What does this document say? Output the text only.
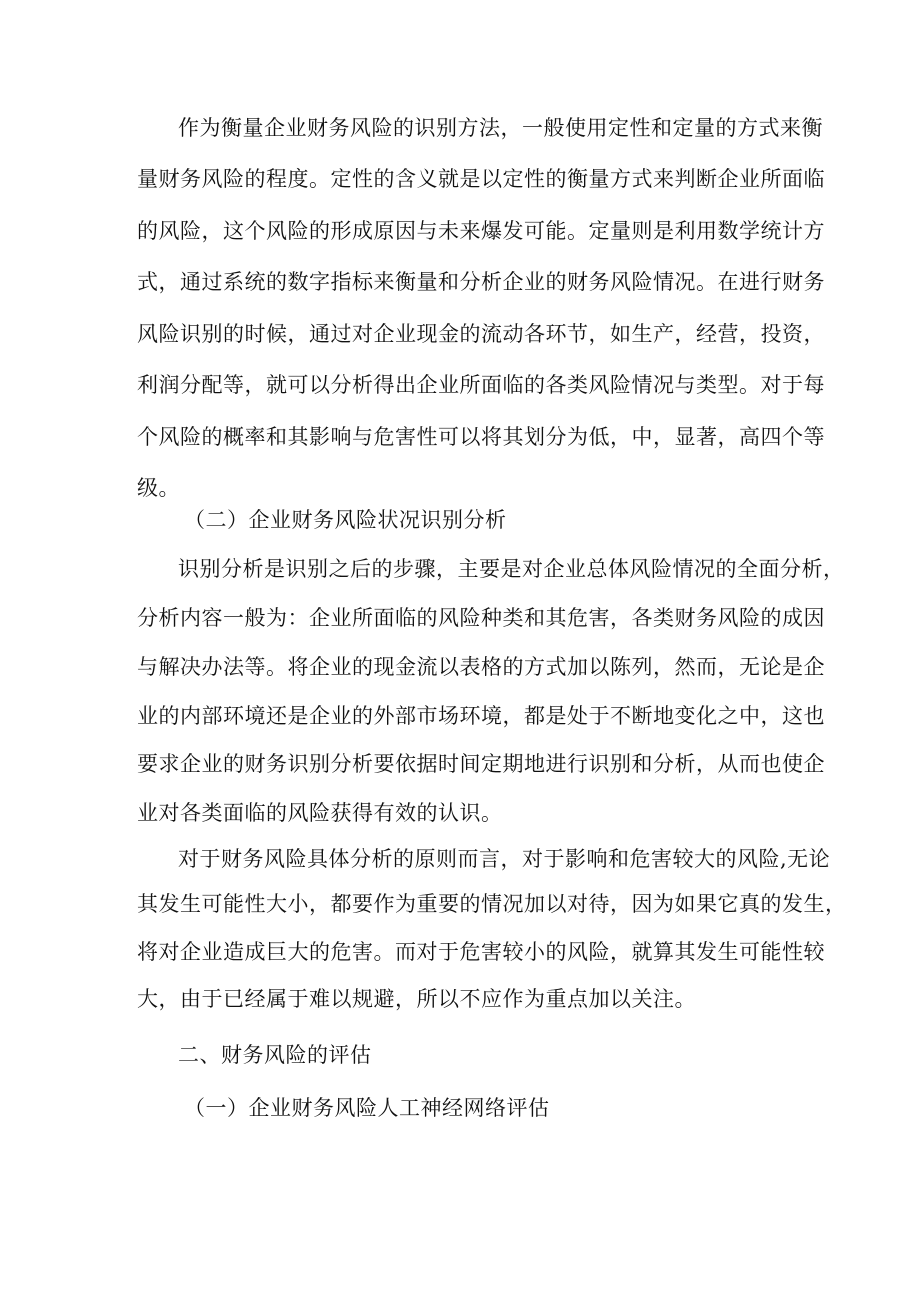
作为衡量企业财务风险的识别方法，一般使用定性和定量的方式来衡
量财务风险的程度。定性的含义就是以定性的衡量方式来判断企业所面临
的风险，这个风险的形成原因与未来爆发可能。定量则是利用数学统计方
式，通过系统的数字指标来衡量和分析企业的财务风险情况。在进行财务
风险识别的时候，通过对企业现金的流动各环节，如生产，经营，投资，
利润分配等，就可以分析得出企业所面临的各类风险情况与类型。对于每
个风险的概率和其影响与危害性可以将其划分为低，中，显著，高四个等
级。
（二）企业财务风险状况识别分析
识别分析是识别之后的步骤，主要是对企业总体风险情况的全面分析，
分析内容一般为：企业所面临的风险种类和其危害，各类财务风险的成因
与解决办法等。将企业的现金流以表格的方式加以陈列，然而，无论是企
业的内部环境还是企业的外部市场环境，都是处于不断地变化之中，这也
要求企业的财务识别分析要依据时间定期地进行识别和分析，从而也使企
业对各类面临的风险获得有效的认识。
对于财务风险具体分析的原则而言，对于影响和危害较大的风险,无论
其发生可能性大小，都要作为重要的情况加以对待，因为如果它真的发生，
将对企业造成巨大的危害。而对于危害较小的风险，就算其发生可能性较
大，由于已经属于难以规避，所以不应作为重点加以关注。
二、财务风险的评估
（一）企业财务风险人工神经网络评估
